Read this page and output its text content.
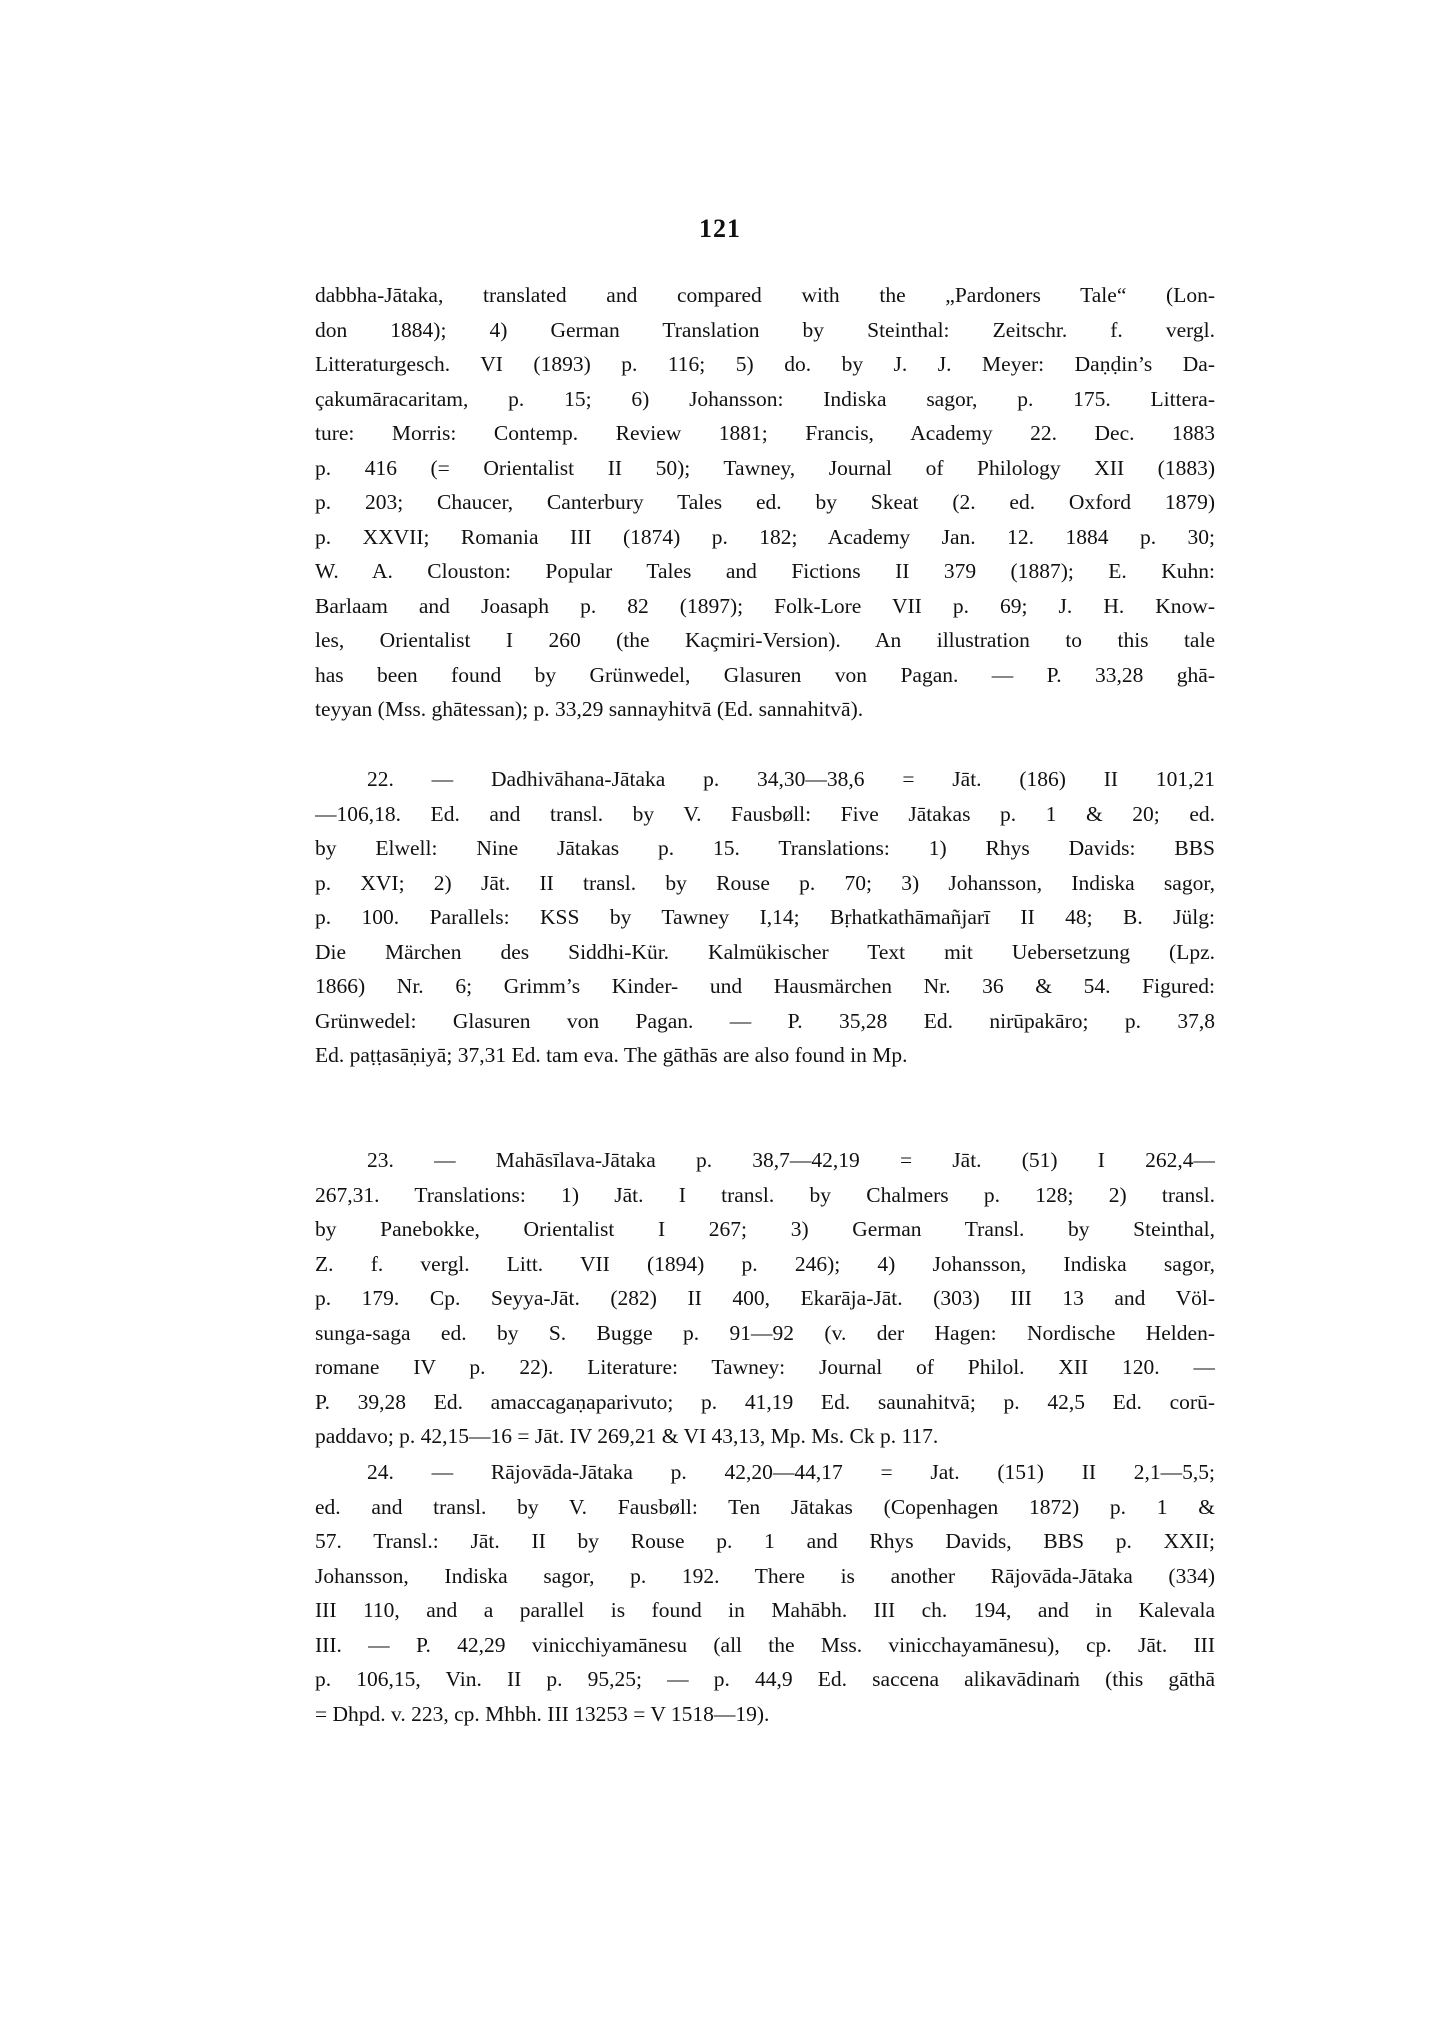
121
dabbha-Jātaka, translated and compared with the „Pardoners Tale“ (Lon-
don 1884); 4) German Translation by Steinthal: Zeitschr. f. vergl.
Litteraturgesch. VI (1893) p. 116; 5) do. by J. J. Meyer: Daṇḍin’s Da-
çakumāracaritam, p. 15; 6) Johansson: Indiska sagor, p. 175. Littera-
ture: Morris: Contemp. Review 1881; Francis, Academy 22. Dec. 1883
p. 416 (= Orientalist II 50); Tawney, Journal of Philology XII (1883)
p. 203; Chaucer, Canterbury Tales ed. by Skeat (2. ed. Oxford 1879)
p. XXVII; Romania III (1874) p. 182; Academy Jan. 12. 1884 p. 30;
W. A. Clouston: Popular Tales and Fictions II 379 (1887); E. Kuhn:
Barlaam and Joasaph p. 82 (1897); Folk-Lore VII p. 69; J. H. Know-
les, Orientalist I 260 (the Kaçmiri-Version). An illustration to this tale
has been found by Grünwedel, Glasuren von Pagan. — P. 33,28 ghā-
teyyan (Mss. ghātessan); p. 33,29 sannayhitvā (Ed. sannahitvā).
22. — Dadhivāhana-Jātaka p. 34,30—38,6 = Jāt. (186) II 101,21
—106,18. Ed. and transl. by V. Fausbøll: Five Jātakas p. 1 & 20; ed.
by Elwell: Nine Jātakas p. 15. Translations: 1) Rhys Davids: BBS
p. XVI; 2) Jāt. II transl. by Rouse p. 70; 3) Johansson, Indiska sagor,
p. 100. Parallels: KSS by Tawney I,14; Bṛhatkathāmañjarī II 48; B. Jülg:
Die Märchen des Siddhi-Kür. Kalmükischer Text mit Uebersetzung (Lpz.
1866) Nr. 6; Grimm’s Kinder- und Hausmärchen Nr. 36 & 54. Figured:
Grünwedel: Glasuren von Pagan. — P. 35,28 Ed. nirūpakāro; p. 37,8
Ed. paṭṭasāṇiyā; 37,31 Ed. tam eva. The gāthās are also found in Mp.
23. — Mahāsīlava-Jātaka p. 38,7—42,19 = Jāt. (51) I 262,4—
267,31. Translations: 1) Jāt. I transl. by Chalmers p. 128; 2) transl.
by Panebokke, Orientalist I 267; 3) German Transl. by Steinthal,
Z. f. vergl. Litt. VII (1894) p. 246); 4) Johansson, Indiska sagor,
p. 179. Cp. Seyya-Jāt. (282) II 400, Ekarāja-Jāt. (303) III 13 and Völ-
sunga-saga ed. by S. Bugge p. 91—92 (v. der Hagen: Nordische Helden-
romane IV p. 22). Literature: Tawney: Journal of Philol. XII 120. —
P. 39,28 Ed. amaccagaṇaparivuto; p. 41,19 Ed. saunahitvā; p. 42,5 Ed. corū-
paddavo; p. 42,15—16 = Jāt. IV 269,21 & VI 43,13, Mp. Ms. Ck p. 117.
24. — Rājovāda-Jātaka p. 42,20—44,17 = Jat. (151) II 2,1—5,5;
ed. and transl. by V. Fausbøll: Ten Jātakas (Copenhagen 1872) p. 1 &
57. Transl.: Jāt. II by Rouse p. 1 and Rhys Davids, BBS p. XXII;
Johansson, Indiska sagor, p. 192. There is another Rājovāda-Jātaka (334)
III 110, and a parallel is found in Mahābh. III ch. 194, and in Kalevala
III. — P. 42,29 vinicchiyamānesu (all the Mss. vinicchayamānesu), cp. Jāt. III
p. 106,15, Vin. II p. 95,25; — p. 44,9 Ed. saccena alikavādinaṁ (this gāthā
= Dhpd. v. 223, cp. Mhbh. III 13253 = V 1518—19).
